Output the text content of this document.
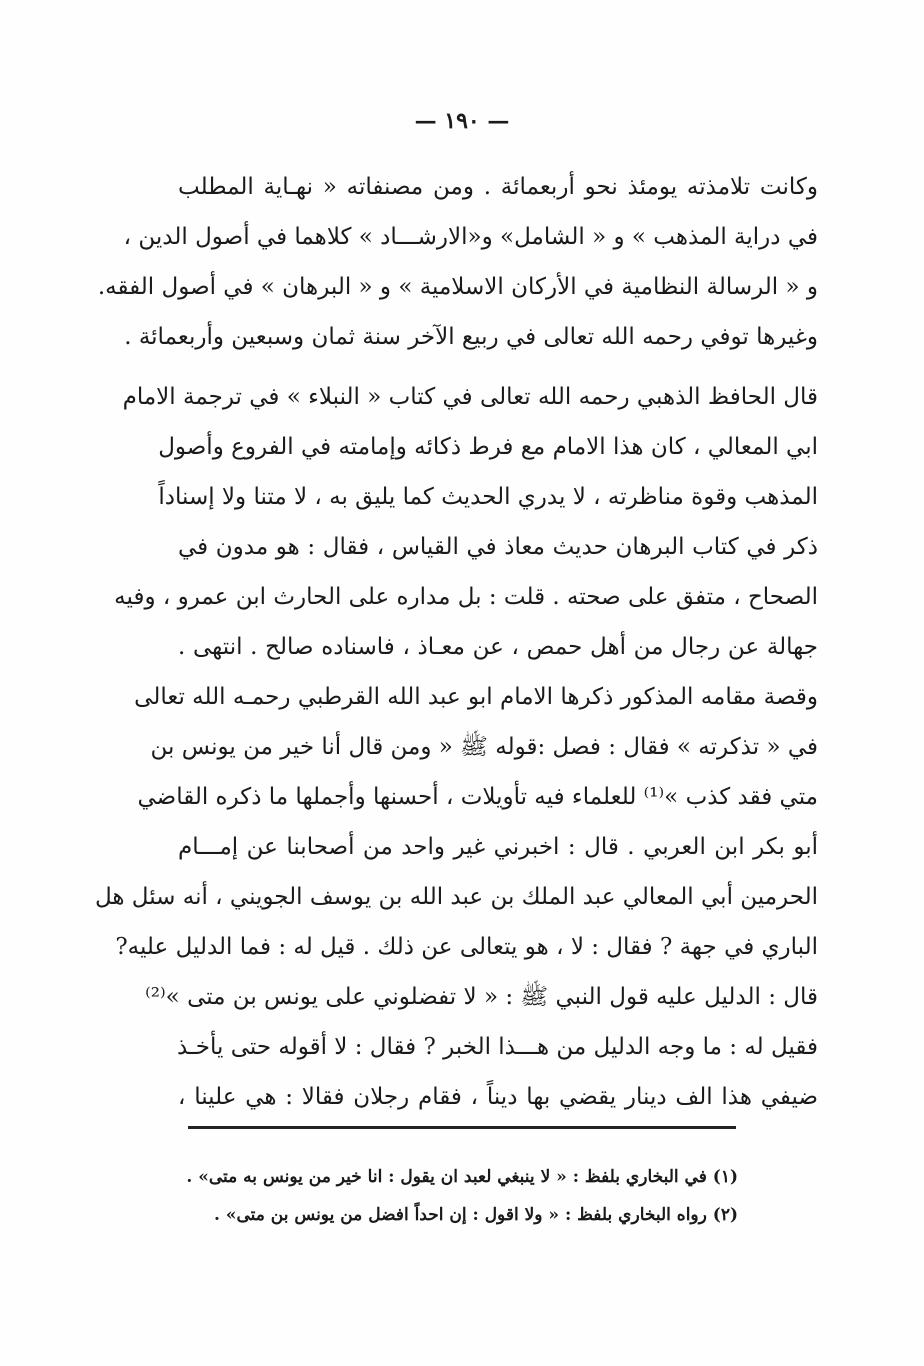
— ١٩٠ —
وكانت تلامذته يومئذ نحو أربعمائة . ومن مصنفاته « نهـاية المطلب
في دراية المذهب » و « الشامل» و«الارشـــاد » كلاهما في أصول الدين ،
و « الرسالة النظامية في الأركان الاسلامية » و « البرهان » في أصول الفقه.
وغيرها توفي رحمه الله تعالى في ربيع الآخر سنة ثمان وسبعين وأربعمائة .
قال الحافظ الذهبي رحمه الله تعالى في كتاب « النبلاء » في ترجمة الامام
ابي المعالي ، كان هذا الامام مع فرط ذكائه وإمامته في الفروع وأصول
المذهب وقوة مناظرته ، لا يدري الحديث كما يليق به ، لا متنا ولا إسناداً
ذكر في كتاب البرهان حديث معاذ في القياس ، فقال : هو مدون في
الصحاح ، متفق على صحته . قلت : بل مداره على الحارث ابن عمرو ، وفيه
جهالة عن رجال من أهل حمص ، عن معـاذ ، فاسناده صالح . انتهى .
وقصة مقامه المذكور ذكرها الامام ابو عبد الله القرطبي رحمـه الله تعالى
في « تذكرته » فقال : فصل :قوله ﷺ « ومن قال أنا خير من يونس بن
متي فقد كذب »⁽¹⁾ للعلماء فيه تأويلات ، أحسنها وأجملها ما ذكره القاضي
أبو بكر ابن العربي . قال : اخبرني غير واحد من أصحابنا عن إمـــام
الحرمين أبي المعالي عبد الملك بن عبد الله بن يوسف الجويني ، أنه سئل هل
الباري في جهة ? فقال : لا ، هو يتعالى عن ذلك . قيل له : فما الدليل عليه?
قال : الدليل عليه قول النبي ﷺ : « لا تفضلوني على يونس بن متى »⁽²⁾
فقيل له : ما وجه الدليل من هـــذا الخبر ? فقال : لا أقوله حتى يأخـذ
ضيفي هذا الف دينار يقضي بها ديناً ، فقام رجلان فقالا : هي علينا ،
(١) في البخاري بلفظ : « لا ينبغي لعبد ان يقول : انا خير من يونس به متى» .
(٢) رواه البخاري بلفظ : « ولا اقول : إن احداً افضل من يونس بن متى» .
